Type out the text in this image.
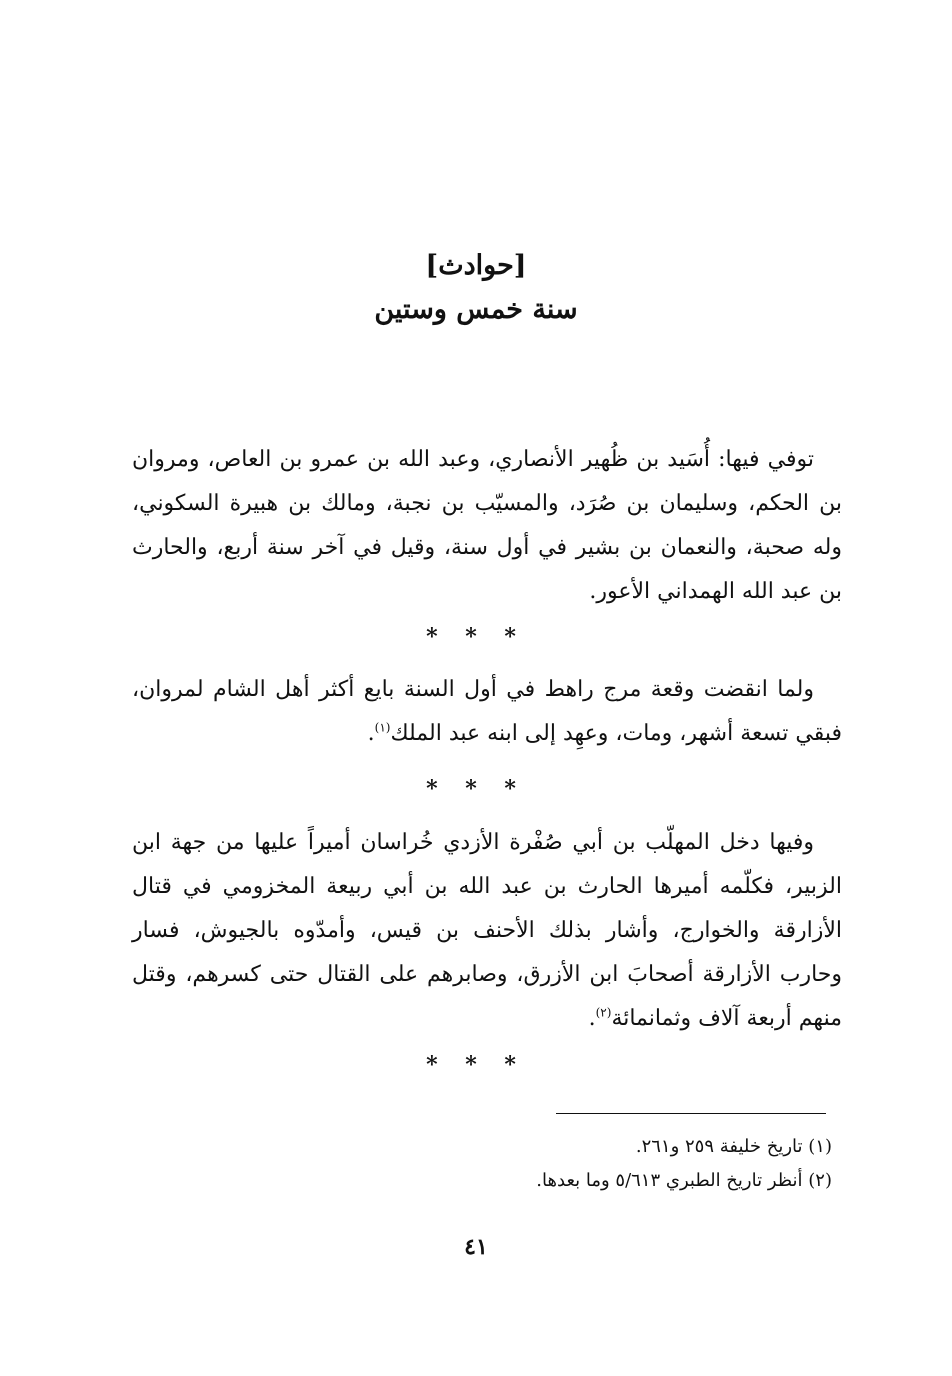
[حوادث]
سنة خمس وستين

توفي فيها: أُسَيد بن ظُهير الأنصاري، وعبد الله بن عمرو بن العاص، ومروان بن الحكم، وسليمان بن صُرَد، والمسيّب بن نجبة، ومالك بن هبيرة السكوني، وله صحبة، والنعمان بن بشير في أول سنة، وقيل في آخر سنة أربع، والحارث بن عبد الله الهمداني الأعور.

* * *

ولما انقضت وقعة مرج راهط في أول السنة بايع أكثر أهل الشام لمروان، فبقي تسعة أشهر، ومات، وعهِد إلى ابنه عبد الملك$^{(١)}$.

* * *

وفيها دخل المهلّب بن أبي صُفْرة الأزدي خُراسان أميراً عليها من جهة ابن الزبير، فكلّمه أميرها الحارث بن عبد الله بن أبي ربيعة المخزومي في قتال الأزارقة والخوارج، وأشار بذلك الأحنف بن قيس، وأمدّوه بالجيوش، فسار وحارب الأزارقة أصحابَ ابن الأزرق، وصابرهم على القتال حتى كسرهم، وقتل منهم أربعة آلاف وثمانمائة$^{(٢)}$.

* * *
(١) تاريخ خليفة ٢٥٩ و٢٦١.
(٢) أنظر تاريخ الطبري ٥/٦١٣ وما بعدها.
٤١
